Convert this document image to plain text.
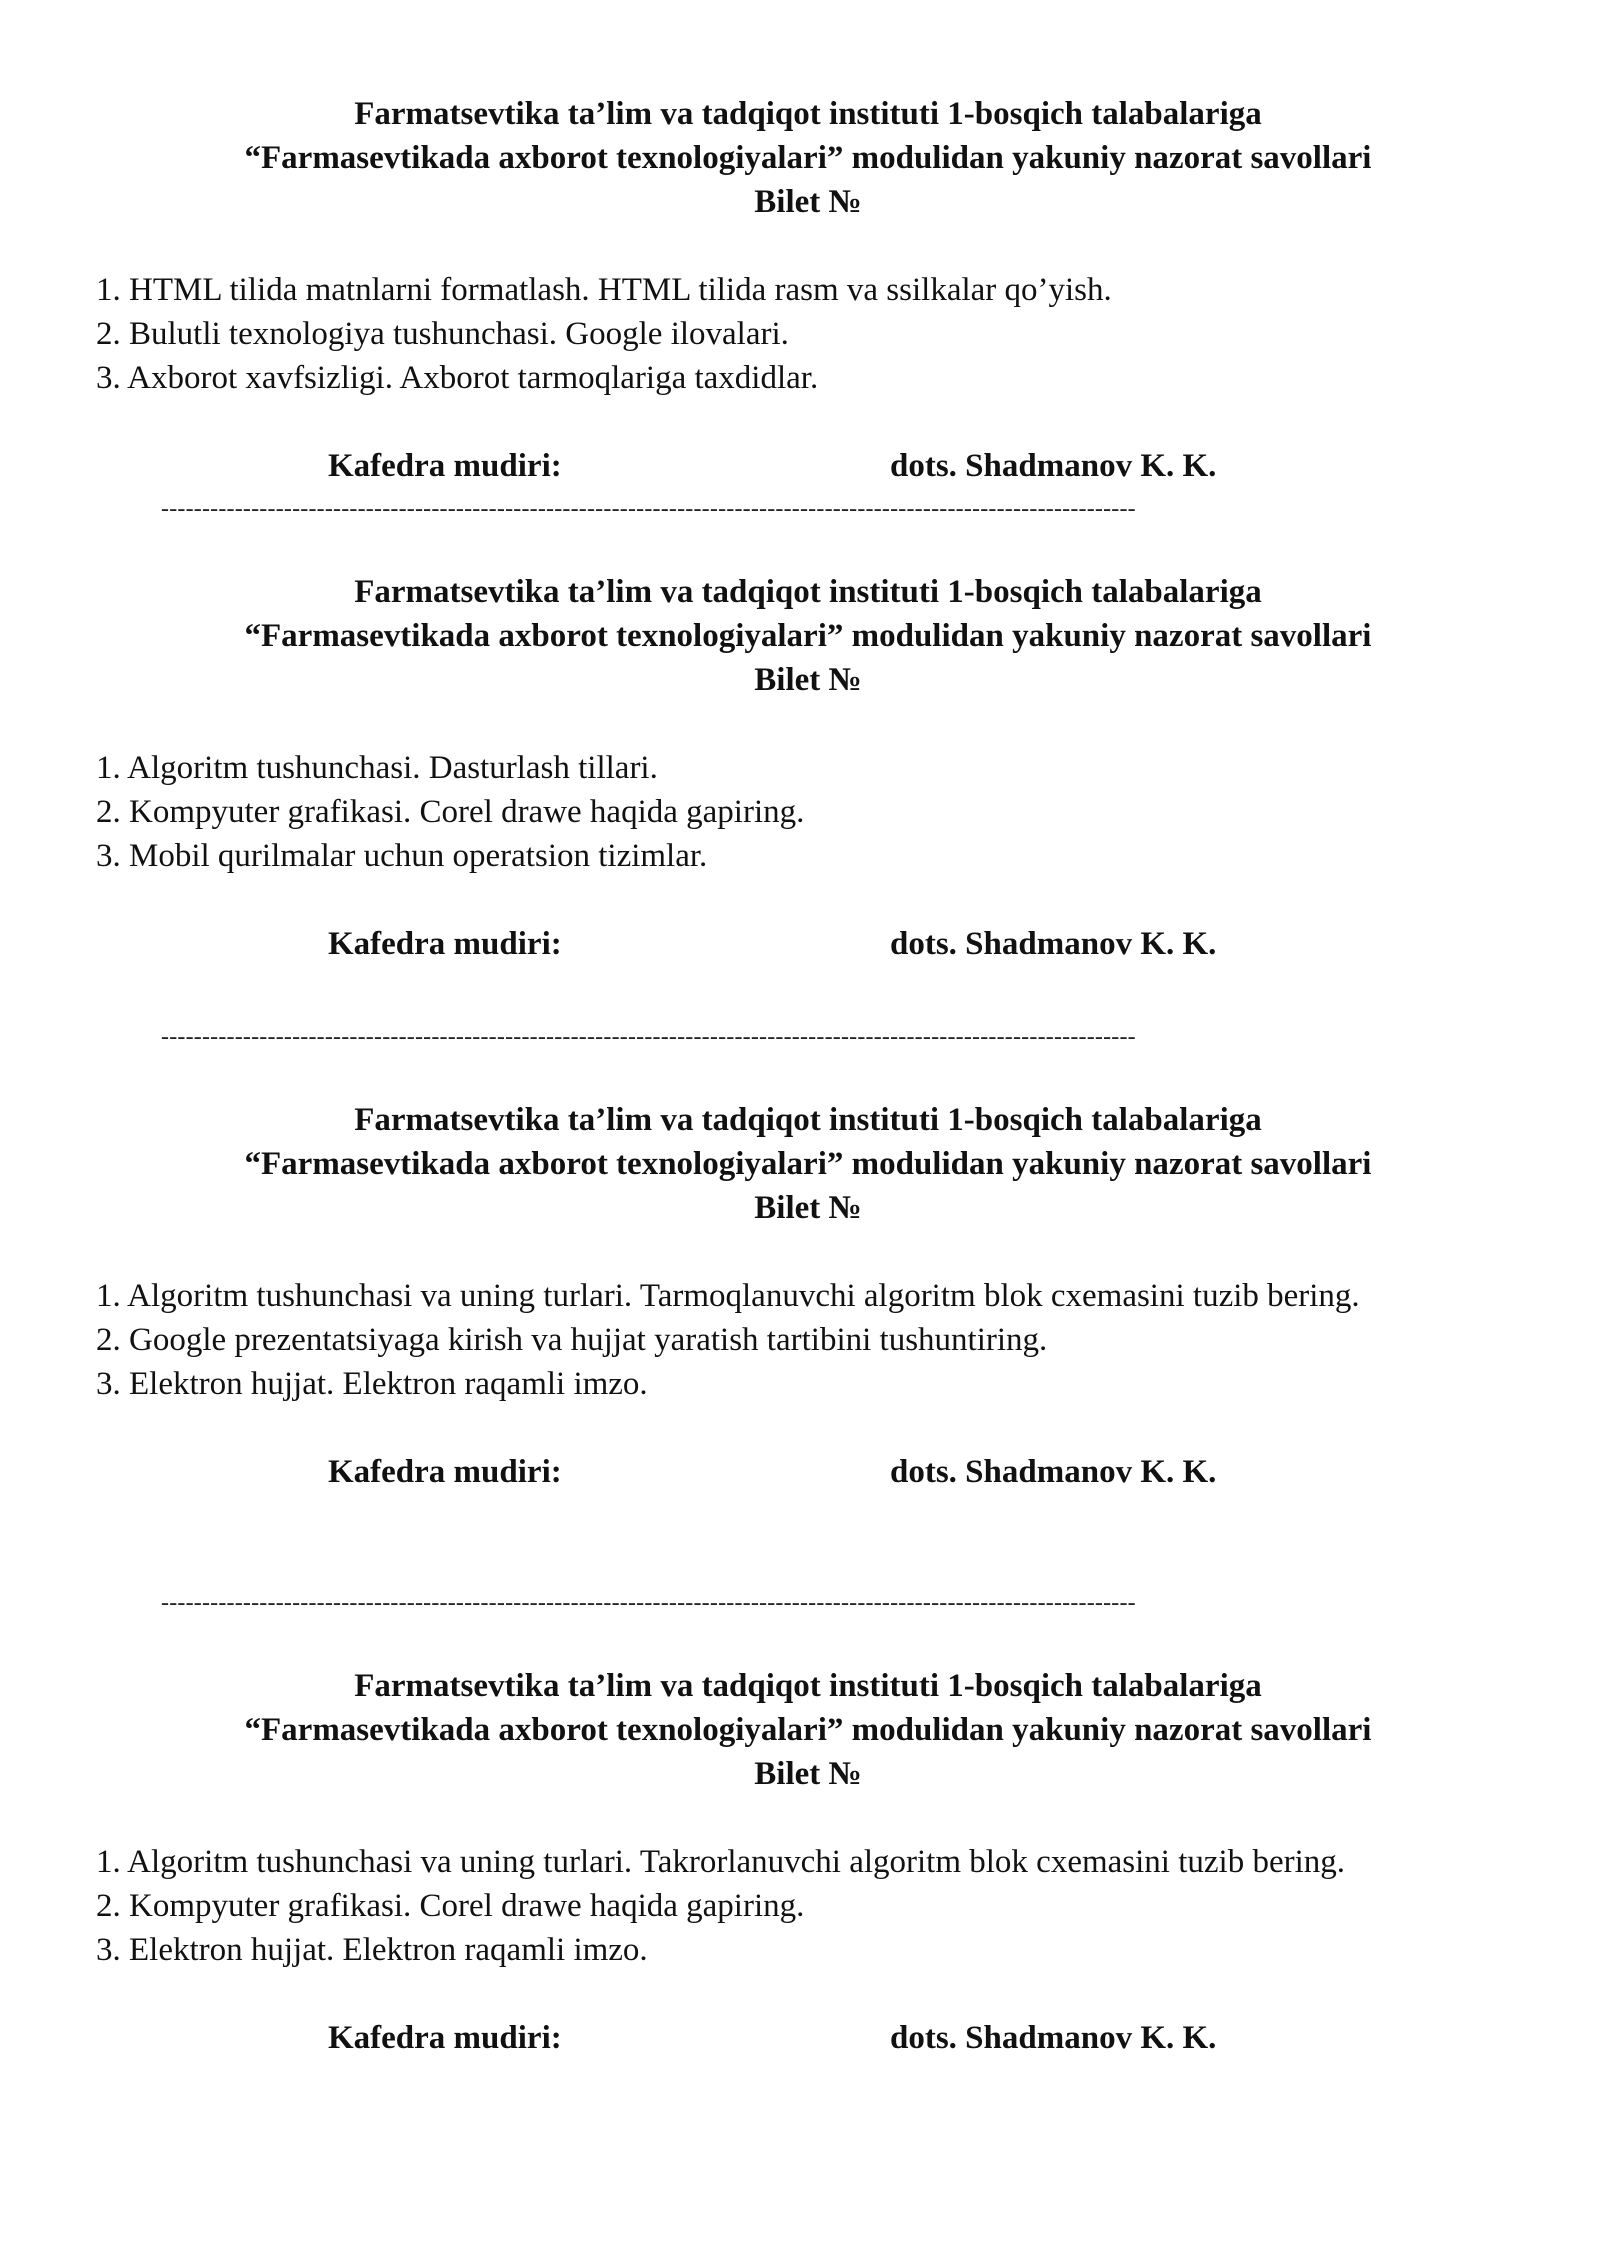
Farmatsevtika ta’lim va tadqiqot instituti 1-bosqich talabalariga
“Farmasevtikada axborot texnologiyalari” modulidan yakuniy nazorat savollari
Bilet №
1. HTML tilida matnlarni formatlash. HTML tilida rasm va ssilkalar qo’yish.
2. Bulutli texnologiya tushunchasi. Google ilovalari.
3. Axborot xavfsizligi. Axborot tarmoqlariga taxdidlar.
Kafedra mudiri:	dots. Shadmanov K. K.
-----------------------------------------------------------------------------------------------------------------------
Farmatsevtika ta’lim va tadqiqot instituti 1-bosqich talabalariga
“Farmasevtikada axborot texnologiyalari” modulidan yakuniy nazorat savollari
Bilet №
1. Algoritm tushunchasi. Dasturlash tillari.
2. Kompyuter grafikasi. Corel drawe haqida gapiring.
3. Mobil qurilmalar uchun operatsion tizimlar.
Kafedra mudiri:	dots. Shadmanov K. K.
-----------------------------------------------------------------------------------------------------------------------
Farmatsevtika ta’lim va tadqiqot instituti 1-bosqich talabalariga
“Farmasevtikada axborot texnologiyalari” modulidan yakuniy nazorat savollari
Bilet №
1. Algoritm tushunchasi va uning turlari. Tarmoqlanuvchi algoritm blok cxemasini tuzib bering.
2. Google prezentatsiyaga kirish va hujjat yaratish tartibini tushuntiring.
3. Elektron hujjat. Elektron raqamli imzo.
Kafedra mudiri:	dots. Shadmanov K. K.
-----------------------------------------------------------------------------------------------------------------------
Farmatsevtika ta’lim va tadqiqot instituti 1-bosqich talabalariga
“Farmasevtikada axborot texnologiyalari” modulidan yakuniy nazorat savollari
Bilet №
1. Algoritm tushunchasi va uning turlari. Takrorlanuvchi algoritm blok cxemasini tuzib bering.
2. Kompyuter grafikasi. Corel drawe haqida gapiring.
3. Elektron hujjat. Elektron raqamli imzo.
Kafedra mudiri:	dots. Shadmanov K. K.
